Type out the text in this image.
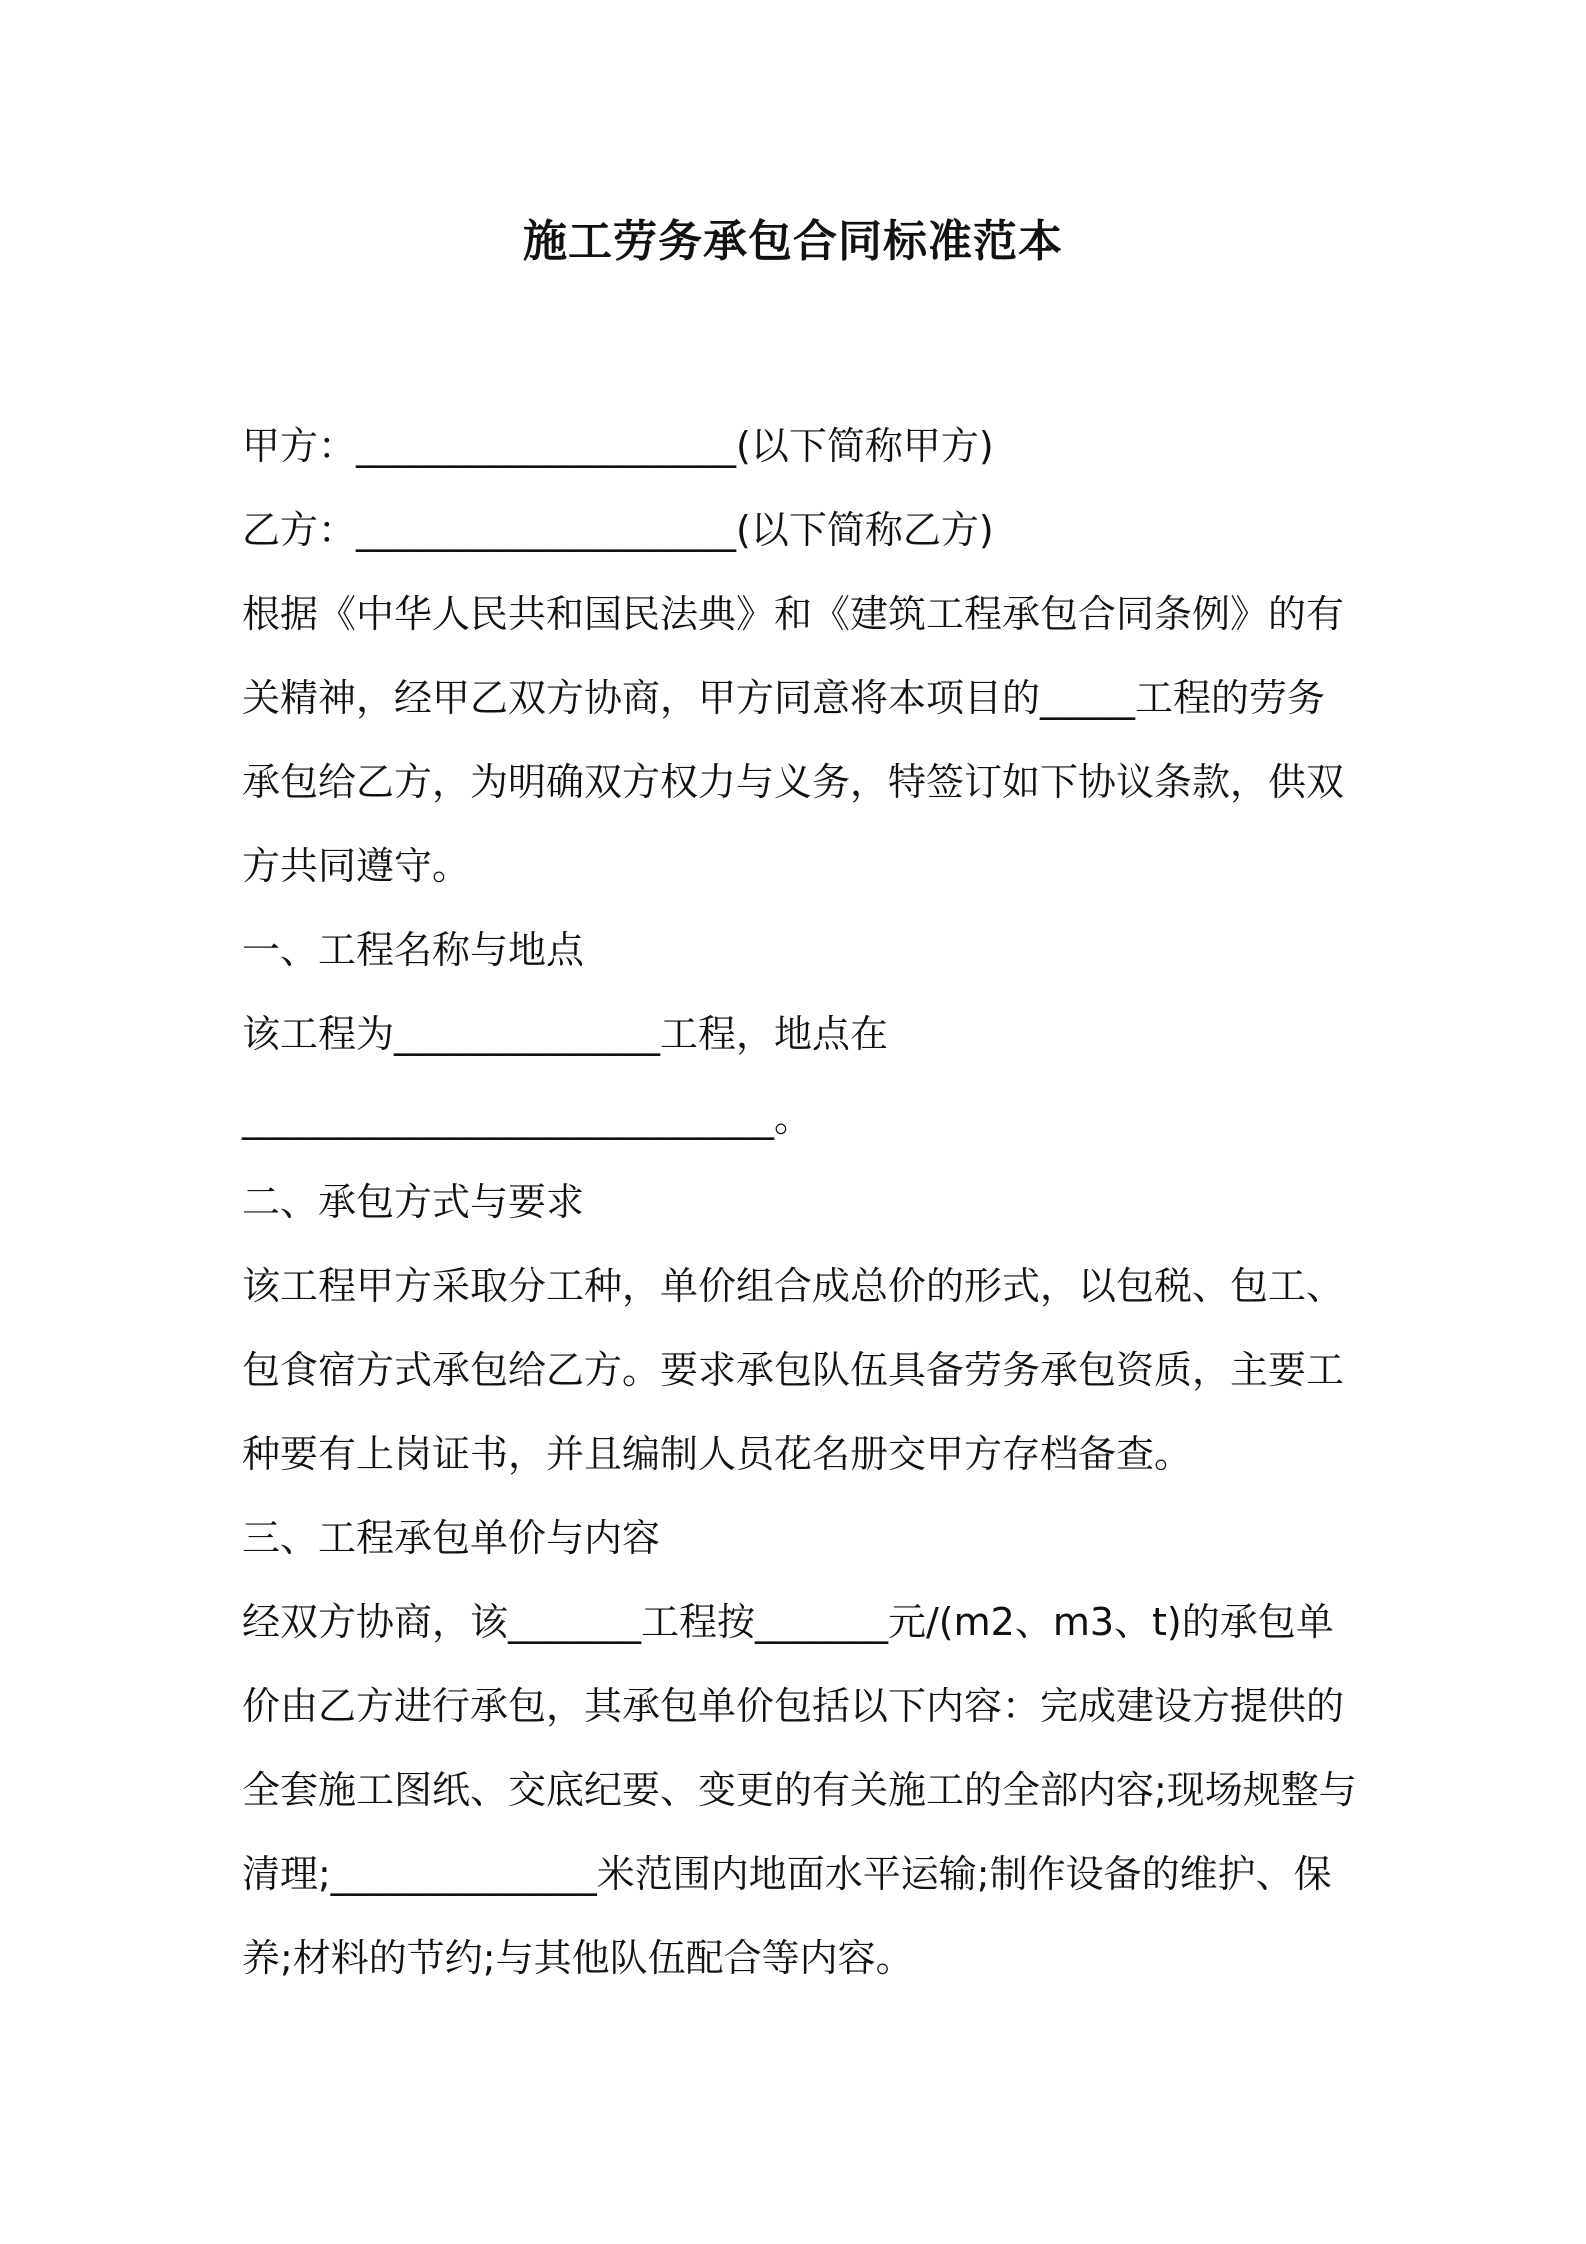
施工劳务承包合同标准范本

甲方：____________________(以下简称甲方)

乙方：____________________(以下简称乙方)

根据《中华人民共和国民法典》和《建筑工程承包合同条例》的有关精神，经甲乙双方协商，甲方同意将本项目的_____工程的劳务承包给乙方，为明确双方权力与义务，特签订如下协议条款，供双方共同遵守。

一、工程名称与地点

该工程为______________工程，地点在

____________________________。

二、承包方式与要求

该工程甲方采取分工种，单价组合成总价的形式，以包税、包工、包食宿方式承包给乙方。要求承包队伍具备劳务承包资质，主要工种要有上岗证书，并且编制人员花名册交甲方存档备查。

三、工程承包单价与内容

经双方协商，该_______工程按_______元/(m2、m3、t)的承包单价由乙方进行承包，其承包单价包括以下内容：完成建设方提供的全套施工图纸、交底纪要、变更的有关施工的全部内容;现场规整与清理;______________米范围内地面水平运输;制作设备的维护、保养;材料的节约;与其他队伍配合等内容。
